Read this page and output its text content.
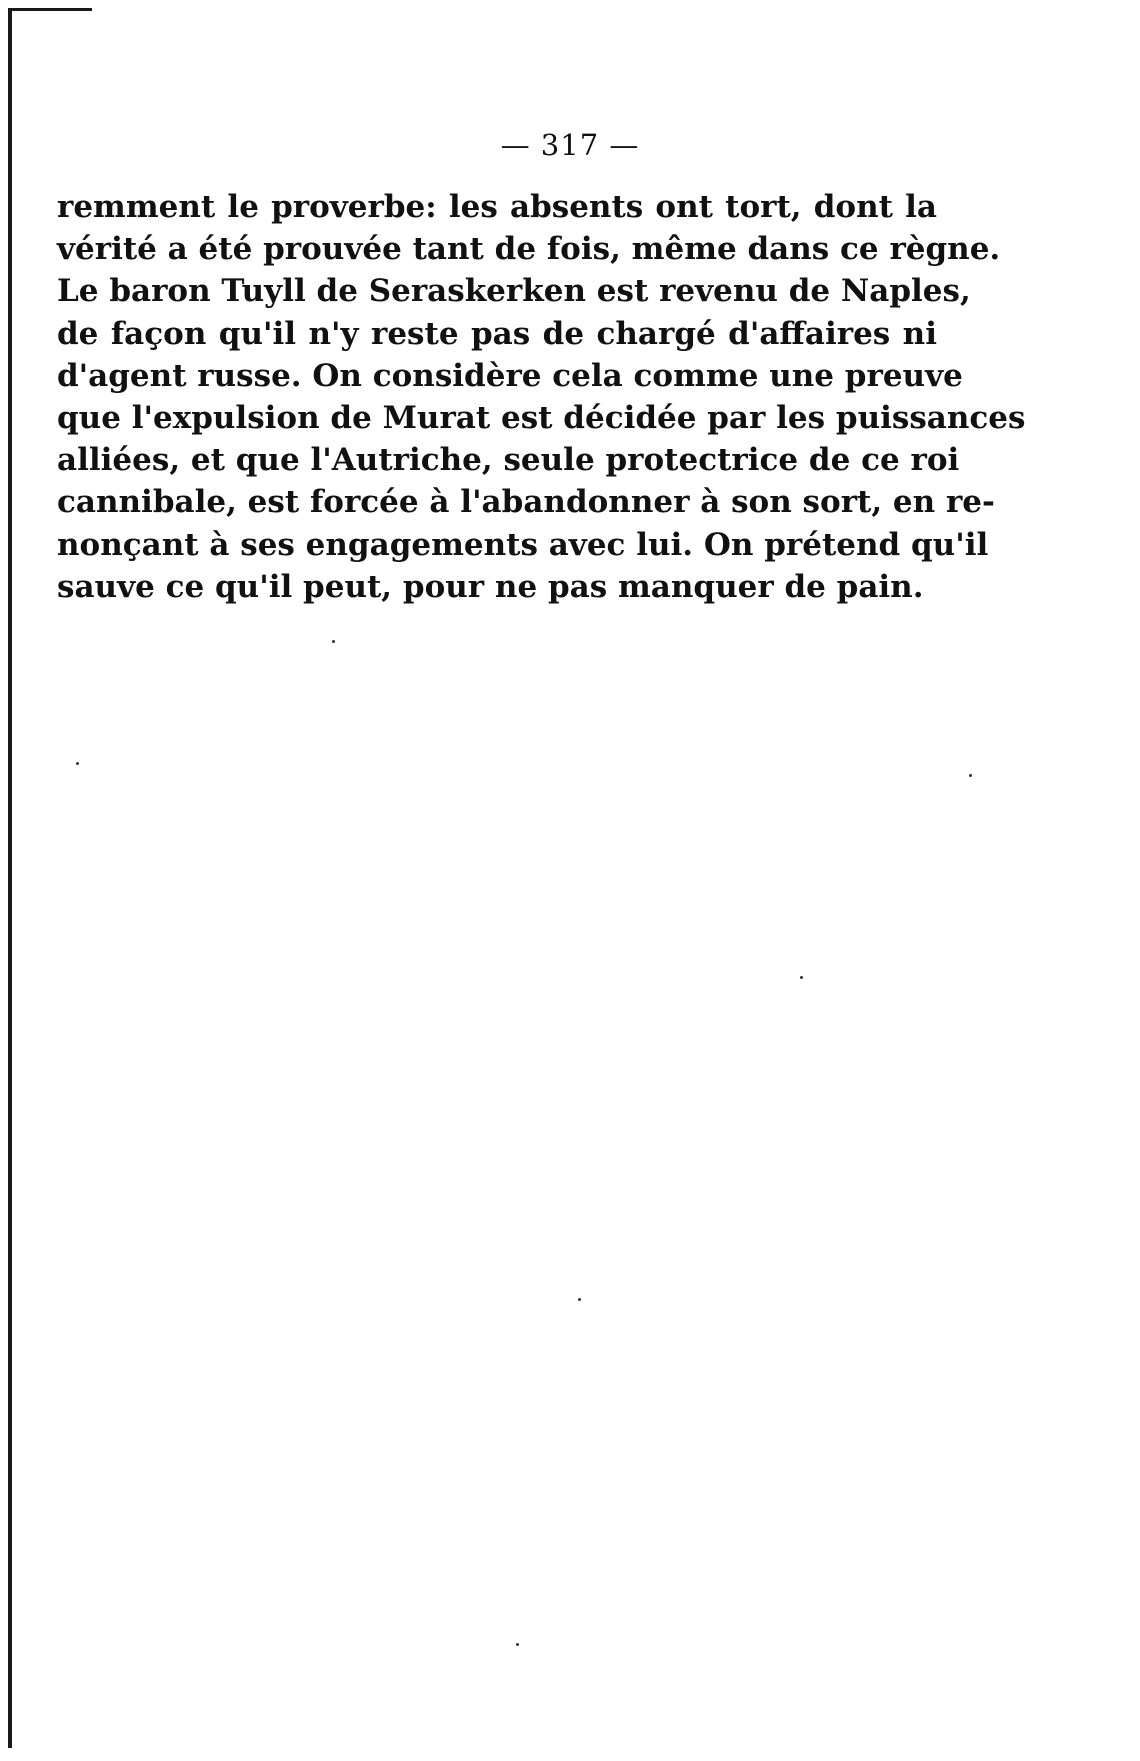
— 317 —
remment le proverbe: les absents ont tort, dont la
vérité a été prouvée tant de fois, même dans ce règne.
Le baron Tuyll de Seraskerken est revenu de Naples,
de façon qu'il n'y reste pas de chargé d'affaires ni
d'agent russe. On considère cela comme une preuve
que l'expulsion de Murat est décidée par les puissances
alliées, et que l'Autriche, seule protectrice de ce roi
cannibale, est forcée à l'abandonner à son sort, en re-
nonçant à ses engagements avec lui. On prétend qu'il
sauve ce qu'il peut, pour ne pas manquer de pain.
